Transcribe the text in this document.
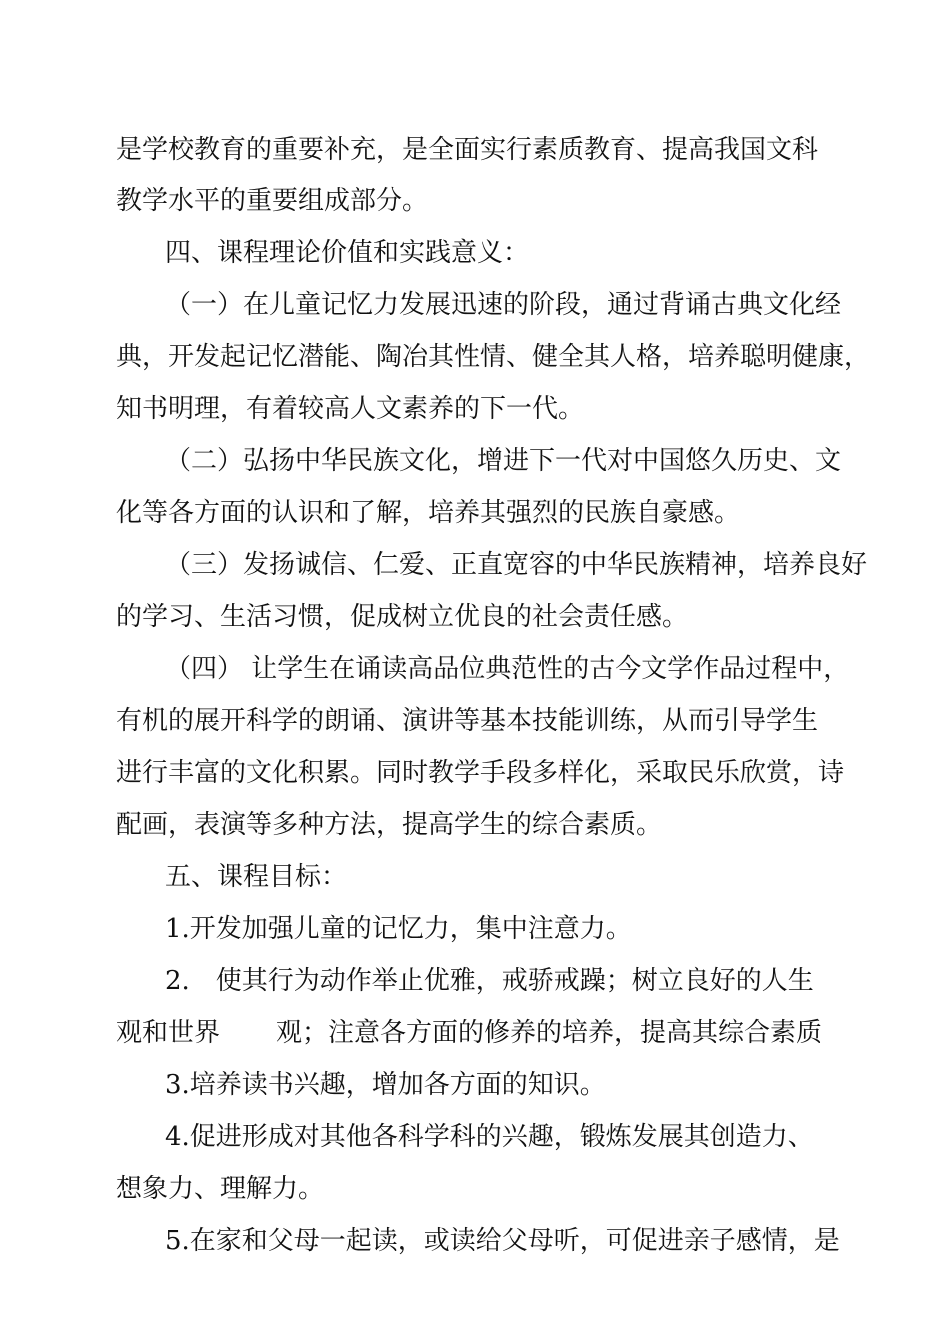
是学校教育的重要补充，是全面实行素质教育、提高我国文科
教学水平的重要组成部分。
四、课程理论价值和实践意义：
（一）在儿童记忆力发展迅速的阶段，通过背诵古典文化经
典，开发起记忆潜能、陶冶其性情、健全其人格，培养聪明健康，
知书明理，有着较高人文素养的下一代。
（二）弘扬中华民族文化，增进下一代对中国悠久历史、文
化等各方面的认识和了解，培养其强烈的民族自豪感。
（三）发扬诚信、仁爱、正直宽容的中华民族精神，培养良好
的学习、生活习惯，促成树立优良的社会责任感。
（四） 让学生在诵读高品位典范性的古今文学作品过程中，
有机的展开科学的朗诵、演讲等基本技能训练，从而引导学生
进行丰富的文化积累。同时教学手段多样化，采取民乐欣赏，诗
配画，表演等多种方法，提高学生的综合素质。
五、课程目标：
1.开发加强儿童的记忆力，集中注意力。
2.　使其行为动作举止优雅，戒骄戒躁；树立良好的人生
观和世界 观；注意各方面的修养的培养，提高其综合素质
3.培养读书兴趣，增加各方面的知识。
4.促进形成对其他各科学科的兴趣，锻炼发展其创造力、
想象力、理解力。
5.在家和父母一起读，或读给父母听，可促进亲子感情，是
